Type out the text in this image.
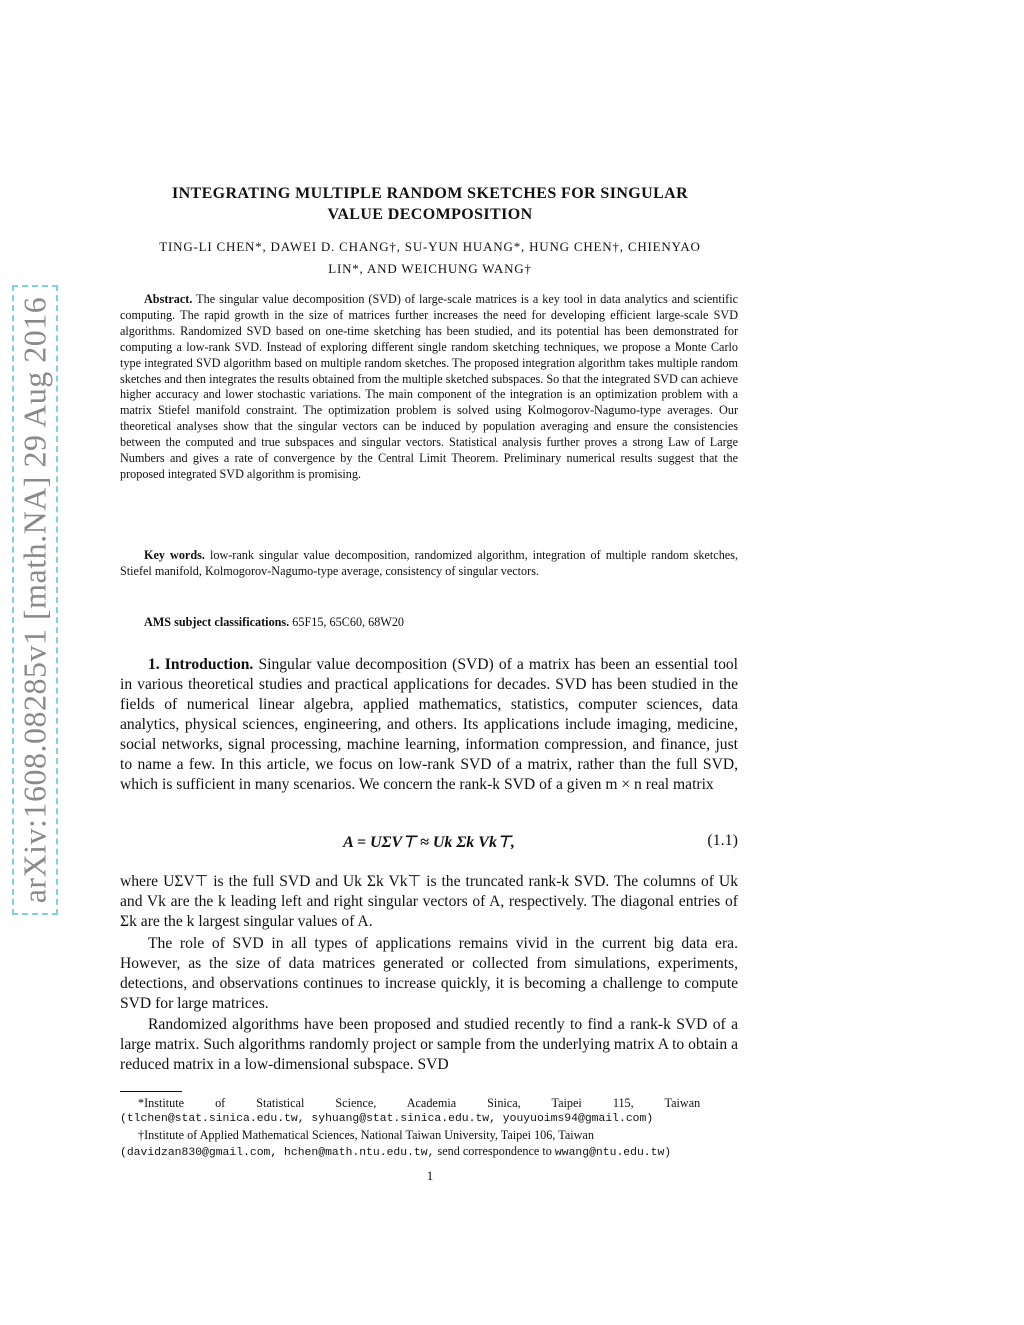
arXiv:1608.08285v1 [math.NA] 29 Aug 2016
INTEGRATING MULTIPLE RANDOM SKETCHES FOR SINGULAR
VALUE DECOMPOSITION
TING-LI CHEN*, DAWEI D. CHANG†, SU-YUN HUANG*, HUNG CHEN†, CHIENYAO
LIN*, AND WEICHUNG WANG†
Abstract. The singular value decomposition (SVD) of large-scale matrices is a key tool in data analytics and scientific computing. The rapid growth in the size of matrices further increases the need for developing efficient large-scale SVD algorithms. Randomized SVD based on one-time sketching has been studied, and its potential has been demonstrated for computing a low-rank SVD. Instead of exploring different single random sketching techniques, we propose a Monte Carlo type integrated SVD algorithm based on multiple random sketches. The proposed integration algorithm takes multiple random sketches and then integrates the results obtained from the multiple sketched subspaces. So that the integrated SVD can achieve higher accuracy and lower stochastic variations. The main component of the integration is an optimization problem with a matrix Stiefel manifold constraint. The optimization problem is solved using Kolmogorov-Nagumo-type averages. Our theoretical analyses show that the singular vectors can be induced by population averaging and ensure the consistencies between the computed and true subspaces and singular vectors. Statistical analysis further proves a strong Law of Large Numbers and gives a rate of convergence by the Central Limit Theorem. Preliminary numerical results suggest that the proposed integrated SVD algorithm is promising.
Key words. low-rank singular value decomposition, randomized algorithm, integration of multiple random sketches, Stiefel manifold, Kolmogorov-Nagumo-type average, consistency of singular vectors.
AMS subject classifications. 65F15, 65C60, 68W20
1. Introduction. Singular value decomposition (SVD) of a matrix has been an essential tool in various theoretical studies and practical applications for decades. SVD has been studied in the fields of numerical linear algebra, applied mathematics, statistics, computer sciences, data analytics, physical sciences, engineering, and others. Its applications include imaging, medicine, social networks, signal processing, machine learning, information compression, and finance, just to name a few. In this article, we focus on low-rank SVD of a matrix, rather than the full SVD, which is sufficient in many scenarios. We concern the rank-k SVD of a given m × n real matrix
A = UΣV⊤ ≈ Uk Σk Vk⊤,	(1.1)
where UΣV⊤ is the full SVD and Uk Σk Vk⊤ is the truncated rank-k SVD. The columns of Uk and Vk are the k leading left and right singular vectors of A, respectively. The diagonal entries of Σk are the k largest singular values of A.
The role of SVD in all types of applications remains vivid in the current big data era. However, as the size of data matrices generated or collected from simulations, experiments, detections, and observations continues to increase quickly, it is becoming a challenge to compute SVD for large matrices.
Randomized algorithms have been proposed and studied recently to find a rank-k SVD of a large matrix. Such algorithms randomly project or sample from the underlying matrix A to obtain a reduced matrix in a low-dimensional subspace. SVD
*Institute of Statistical Science, Academia Sinica, Taipei 115, Taiwan
(tlchen@stat.sinica.edu.tw, syhuang@stat.sinica.edu.tw, youyuoims94@gmail.com)
†Institute of Applied Mathematical Sciences, National Taiwan University, Taipei 106, Taiwan
(davidzan830@gmail.com, hchen@math.ntu.edu.tw, send correspondence to wwang@ntu.edu.tw)
1
